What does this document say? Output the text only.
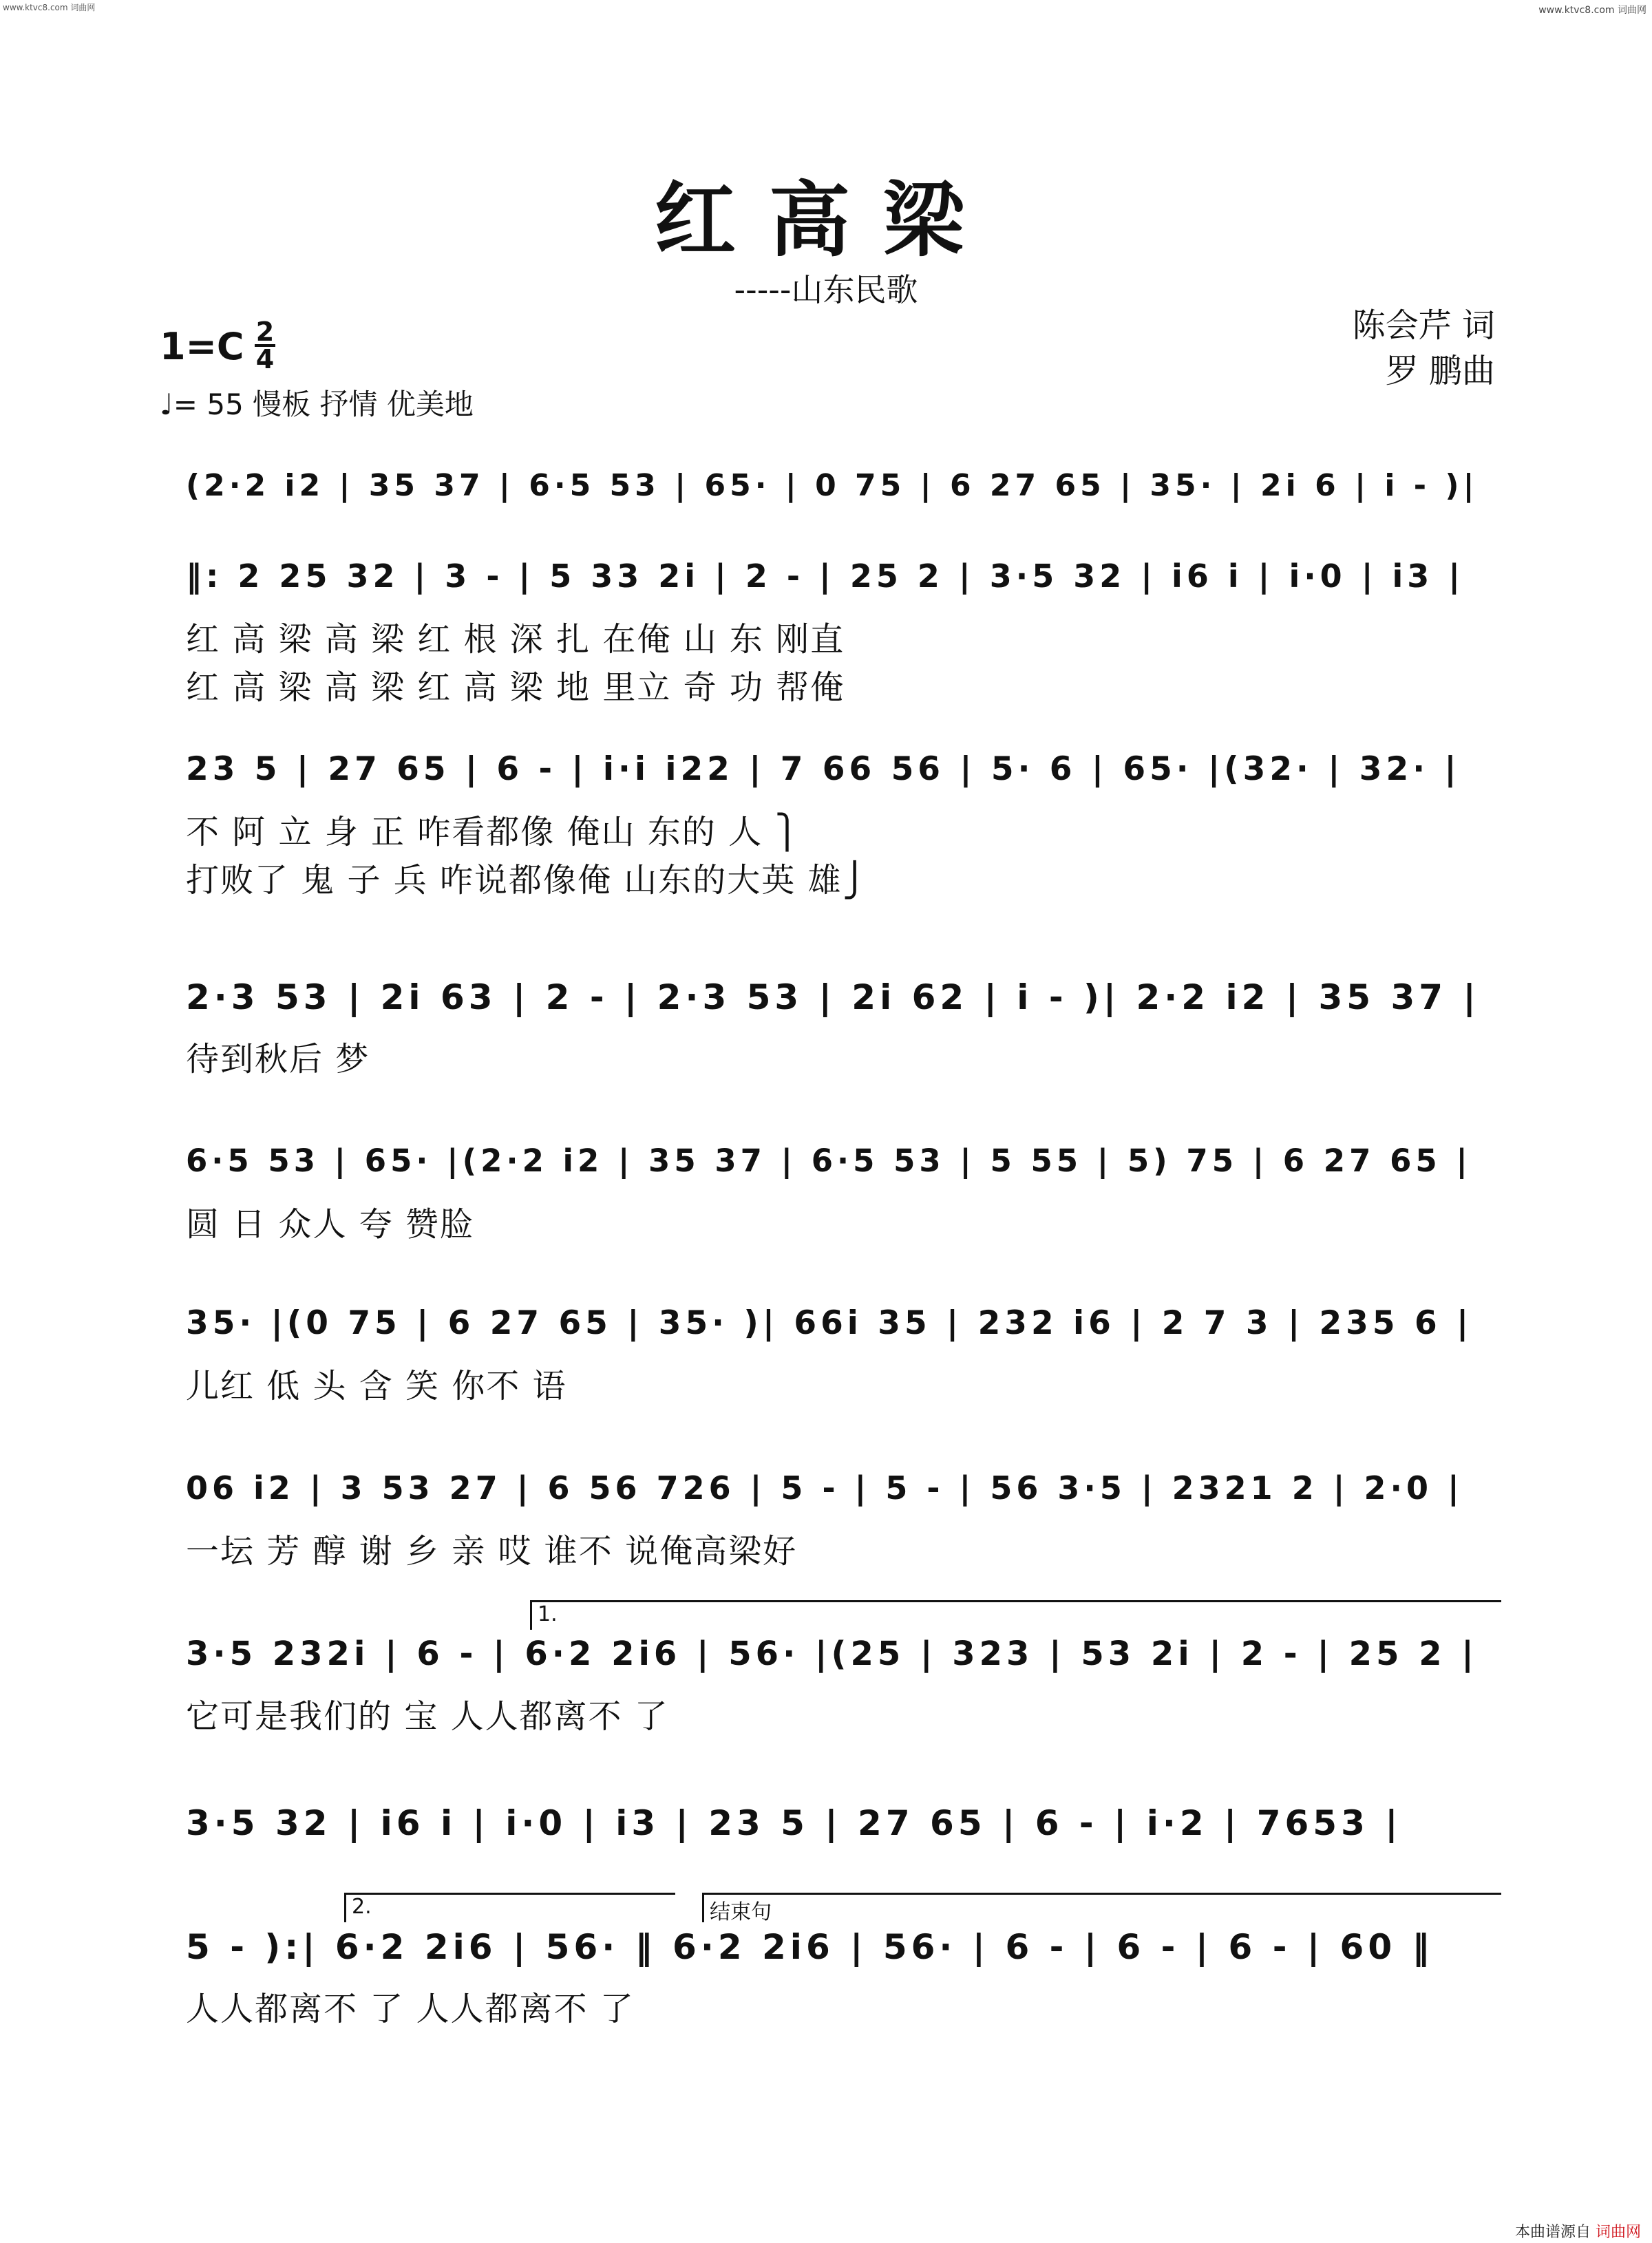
www.ktvc8.com 词曲网	www.ktvc8.com 词曲网
红高梁
-----山东民歌
陈会芹 词
罗 鹏曲
1=C 2
4
♩= 55 慢板 抒情 优美地
(2·2 i2 | 35 37 | 6·5 53 | 65· | 0 75 | 6 27 65 | 35· | 2i 6 | i - )|
‖: 2 25 32 | 3 - | 5 33 2i | 2 - | 25 2 | 3·5 32 | i6 i | i·0 | i3 |
红 高 梁 高 梁 红 根 深 扎 在俺 山 东 刚直
红 高 梁 高 梁 红 高 梁 地 里立 奇 功 帮俺
23 5 | 27 65 | 6 - | i·i i22 | 7 66 56 | 5· 6 | 65· |(32· | 32· |
不 阿 立 身 正 咋看都像 俺山 东的 人 ⎫
打败了 鬼 子 兵 咋说都像俺 山东的大英 雄⎭
2·3 53 | 2i 63 | 2 - | 2·3 53 | 2i 62 | i - )| 2·2 i2 | 35 37 |
待到秋后 梦
6·5 53 | 65· |(2·2 i2 | 35 37 | 6·5 53 | 5 55 | 5) 75 | 6 27 65 |
圆 日 众人 夸 赞脸
35· |(0 75 | 6 27 65 | 35· )| 66i 35 | 232 i6 | 2 7 3 | 235 6 |
儿红 低 头 含 笑 你不 语
06 i2 | 3 53 27 | 6 56 726 | 5 - | 5 - | 56 3·5 | 2321 2 | 2·0 |
一坛 芳 醇 谢 乡 亲 哎 谁不 说俺高梁好
1.
3·5 232i | 6 - | 6·2 2i6 | 56· |(25 | 323 | 53 2i | 2 - | 25 2 |
它可是我们的 宝 人人都离不 了
3·5 32 | i6 i | i·0 | i3 | 23 5 | 27 65 | 6 - | i·2 | 7653 |
2.	结束句
5 - ):| 6·2 2i6 | 56· ‖ 6·2 2i6 | 56· | 6 - | 6 - | 6 - | 60 ‖
人人都离不 了 人人都离不 了
本曲谱源自 词曲网
